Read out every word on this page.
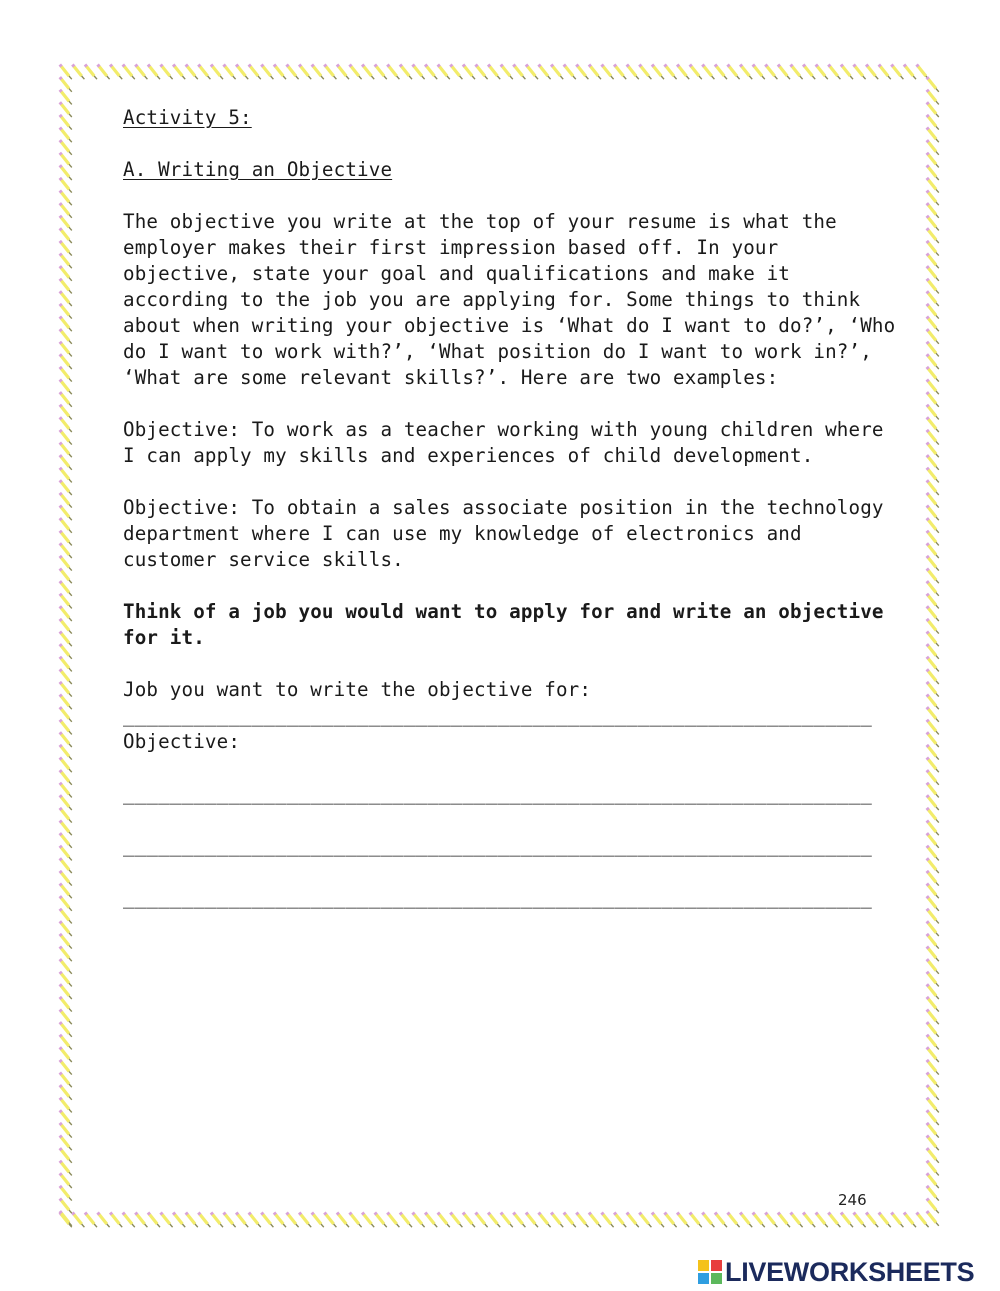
Activity 5:

A. Writing an Objective

The objective you write at the top of your resume is what the

employer makes their first impression based off. In your

objective, state your goal and qualifications and make it

according to the job you are applying for. Some things to think

about when writing your objective is ‘What do I want to do?’, ‘Who

do I want to work with?’, ‘What position do I want to work in?’,

‘What are some relevant skills?’. Here are two examples:

Objective: To work as a teacher working with young children where

I can apply my skills and experiences of child development.

Objective: To obtain a sales associate position in the technology

department where I can use my knowledge of electronics and

customer service skills.

Think of a job you would want to apply for and write an objective

for it.

Job you want to write the objective for:

________________________________________________________________

Objective:

________________________________________________________________

________________________________________________________________

________________________________________________________________

246
LIVEWORKSHEETS
